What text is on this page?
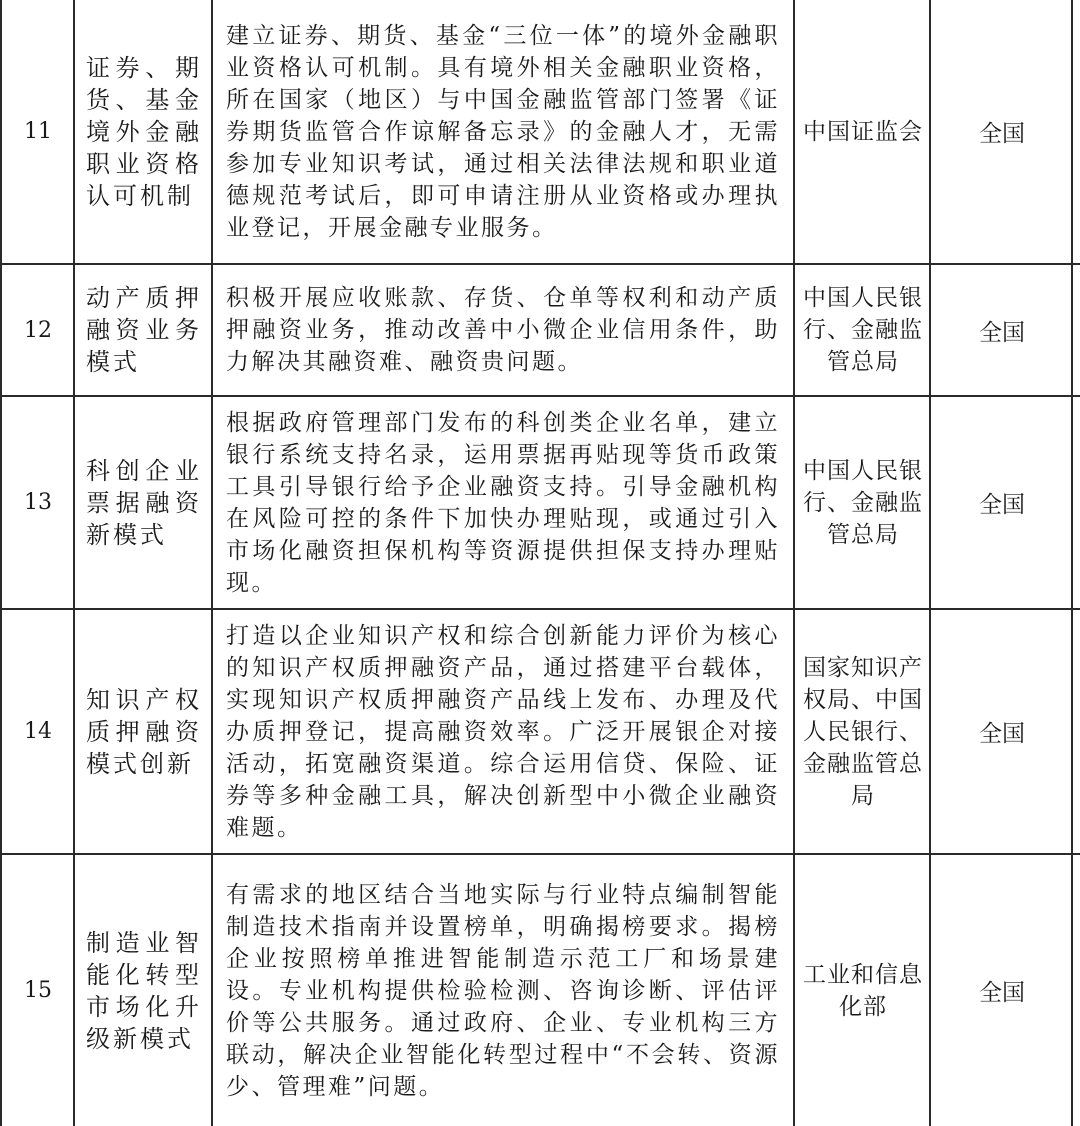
11
证券、期货、基金境外金融职业资格认可机制
建立证券、期货、基金“三位一体”的境外金融职业资格认可机制。具有境外相关金融职业资格，所在国家（地区）与中国金融监管部门签署《证券期货监管合作谅解备忘录》的金融人才，无需参加专业知识考试，通过相关法律法规和职业道德规范考试后，即可申请注册从业资格或办理执业登记，开展金融专业服务。
中国证监会	全国
12
动产质押融资业务模式
积极开展应收账款、存货、仓单等权利和动产质押融资业务，推动改善中小微企业信用条件，助力解决其融资难、融资贵问题。
中国人民银行、金融监管总局
全国
13
科创企业票据融资新模式
根据政府管理部门发布的科创类企业名单，建立银行系统支持名录，运用票据再贴现等货币政策工具引导银行给予企业融资支持。引导金融机构在风险可控的条件下加快办理贴现，或通过引入市场化融资担保机构等资源提供担保支持办理贴现。
中国人民银行、金融监管总局
全国
14
知识产权质押融资模式创新
打造以企业知识产权和综合创新能力评价为核心的知识产权质押融资产品，通过搭建平台载体，实现知识产权质押融资产品线上发布、办理及代办质押登记，提高融资效率。广泛开展银企对接活动，拓宽融资渠道。综合运用信贷、保险、证券等多种金融工具，解决创新型中小微企业融资难题。
国家知识产权局、中国人民银行、金融监管总局
全国
15
制造业智能化转型市场化升级新模式
有需求的地区结合当地实际与行业特点编制智能制造技术指南并设置榜单，明确揭榜要求。揭榜企业按照榜单推进智能制造示范工厂和场景建设。专业机构提供检验检测、咨询诊断、评估评价等公共服务。通过政府、企业、专业机构三方联动，解决企业智能化转型过程中“不会转、资源少、管理难”问题。
工业和信息化部
全国
